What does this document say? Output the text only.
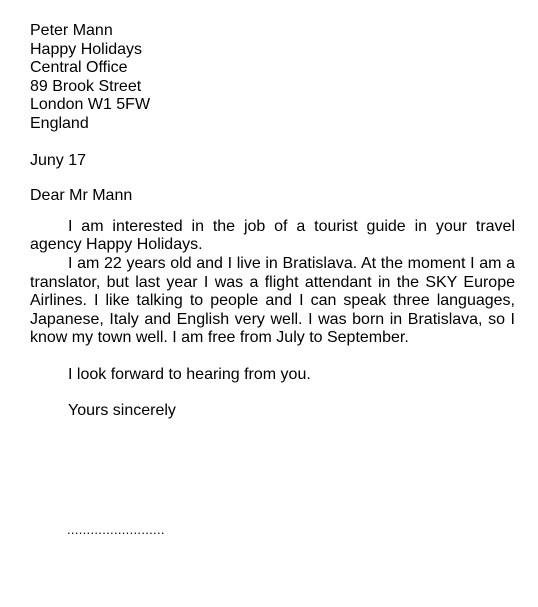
Peter Mann
Happy Holidays
Central Office
89 Brook Street
London W1 5FW
England
Juny 17
Dear Mr Mann
I am interested in the job of a tourist guide in your travel agency Happy Holidays.
I am 22 years old and I live in Bratislava. At the moment I am a translator, but last year I was a flight attendant in the SKY Europe Airlines. I like talking to people and I can speak three languages, Japanese, Italy and English very well. I was born in Bratislava, so I know my town well. I am free from July to September.
I look forward to hearing from you.
Yours sincerely
.........................
